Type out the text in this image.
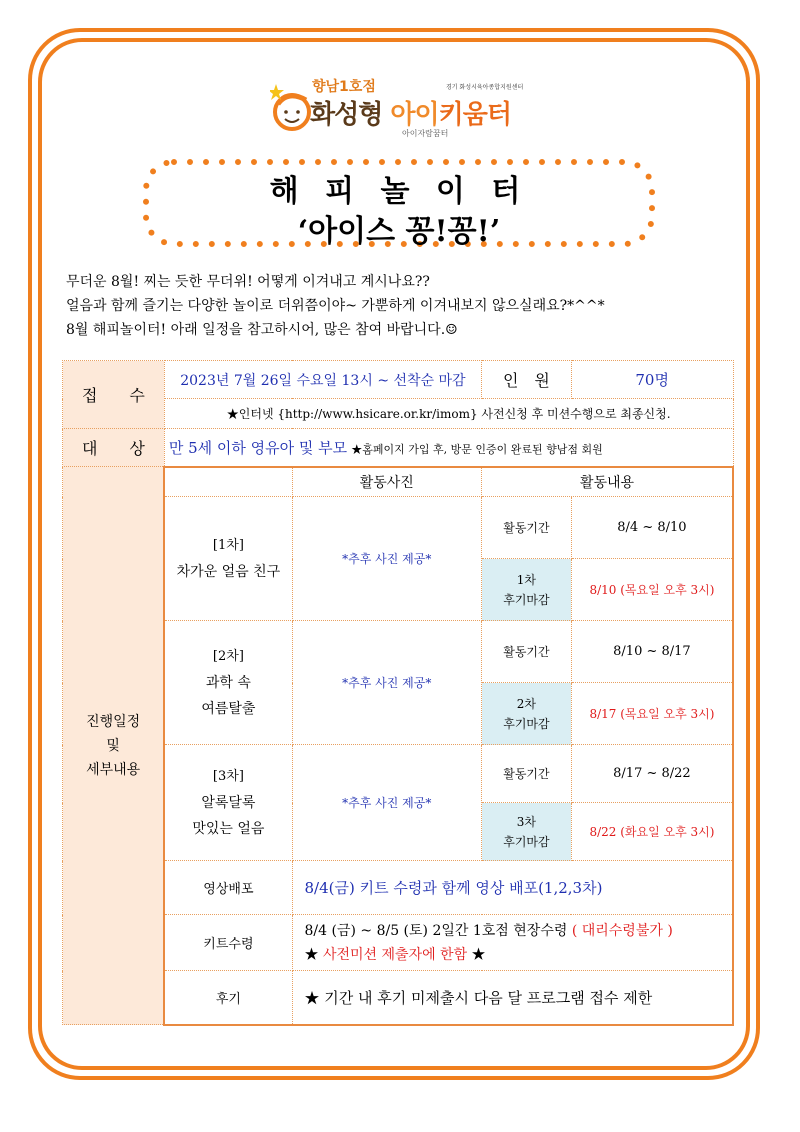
향남1호점	경기 화성시육아종합지원센터
화성형 아이키움터
아이자람꿈터
해 피 놀 이 터
‘아이스 꽁!꽁!’
무더운 8월! 찌는 듯한 무더위! 어떻게 이겨내고 계시나요??
얼음과 함께 즐기는 다양한 놀이로 더위쯤이야~ 가뿐하게 이겨내보지 않으실래요?*^^*
8월 해피놀이터! 아래 일정을 참고하시어, 많은 참여 바랍니다.☺
접　　수	2023년 7월 26일 수요일 13시 ~ 선착순 마감		인　원	70명
	★인터넷 {http://www.hsicare.or.kr/imom} 사전신청 후 미션수행으로 최종신청.			
대　　상	만 5세 이하 영유아 및 부모 ★홈페이지 가입 후, 방문 인증이 완료된 향남점 회원			

진행일정
및
세부내용		활동사진	활동내용	

	[1차]
차가운 얼음 친구	*추후 사진 제공*	활동기간	8/4 ~ 8/10

			1차
후기마감	8/10 (목요일 오후 3시)

	[2차]
과학 속
여름탈출	*추후 사진 제공*	활동기간	8/10 ~ 8/17

			2차
후기마감	8/17 (목요일 오후 3시)

	[3차]
알록달록
맛있는 얼음	*추후 사진 제공*	활동기간	8/17 ~ 8/22

			3차
후기마감	8/22 (화요일 오후 3시)
	영상배포	8/4(금) 키트 수령과 함께 영상 배포(1,2,3차)		
	키트수령	8/4 (금) ~ 8/5 (토) 2일간 1호점 현장수령 ( 대리수령불가 )
★ 사전미션 제출자에 한함 ★		

	후기	★ 기간 내 후기 미제출시 다음 달 프로그램 접수 제한		
